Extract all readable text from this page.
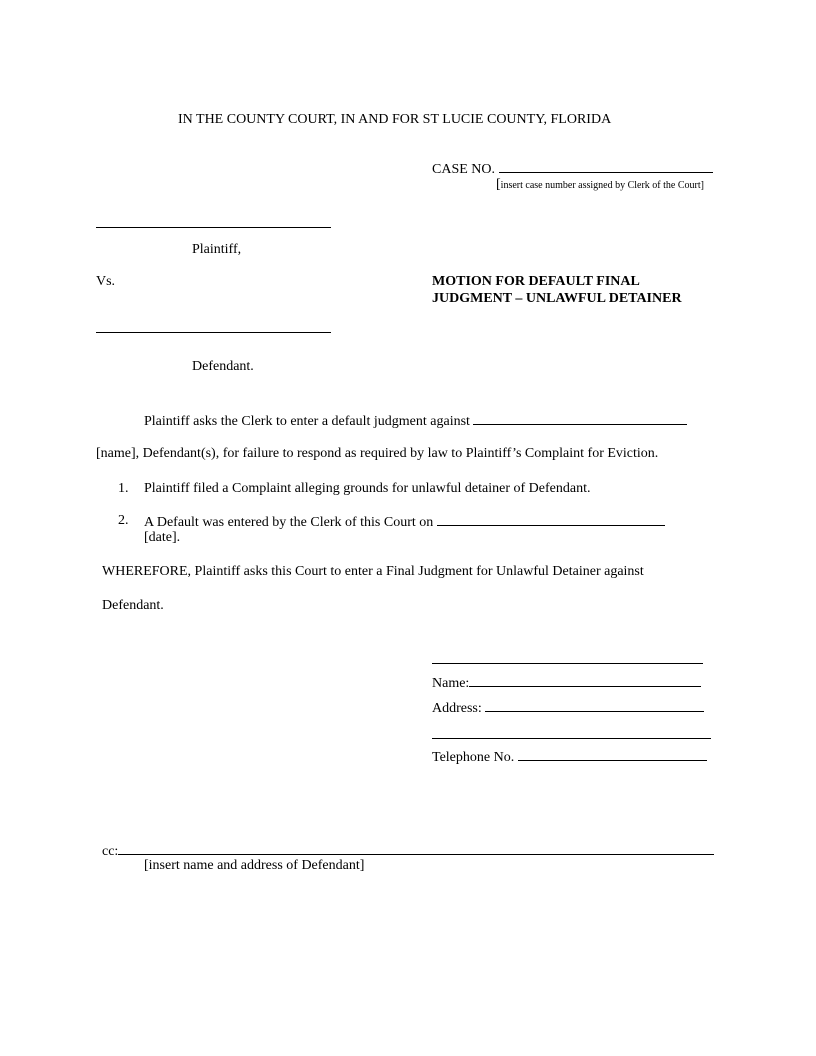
IN THE COUNTY COURT, IN AND FOR ST LUCIE COUNTY, FLORIDA
CASE NO.
[insert case number assigned by Clerk of the Court]
Plaintiff,
Vs.	MOTION FOR DEFAULT FINAL
JUDGMENT – UNLAWFUL DETAINER
Defendant.
Plaintiff asks the Clerk to enter a default judgment against
[name], Defendant(s), for failure to respond as required by law to Plaintiff’s Complaint for Eviction.
1. Plaintiff filed a Complaint alleging grounds for unlawful detainer of Defendant.
2. A Default was entered by the Clerk of this Court on
[date].
WHEREFORE, Plaintiff asks this Court to enter a Final Judgment for Unlawful Detainer against
Defendant.
Name:
Address:
Telephone No.
cc:
[insert name and address of Defendant]
